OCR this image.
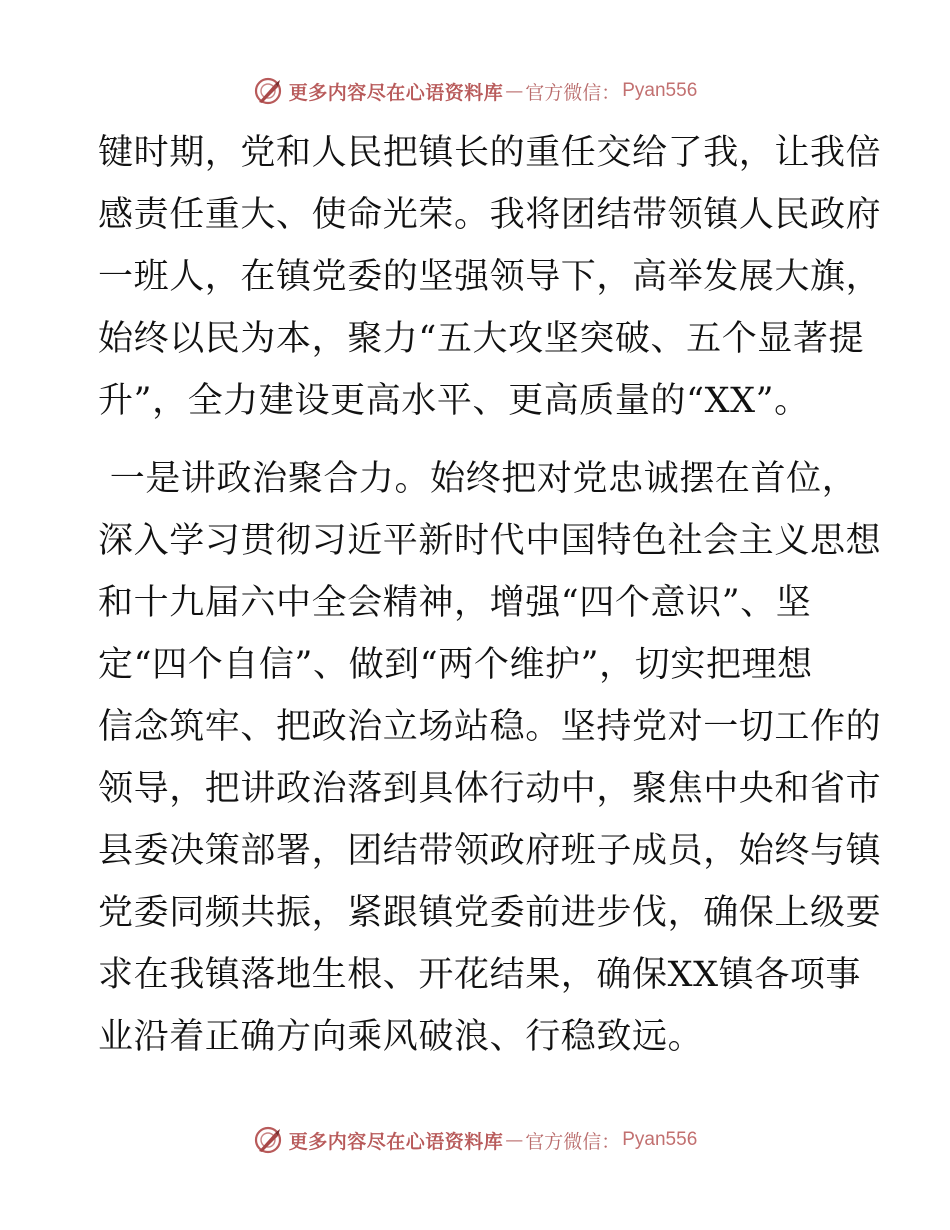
更多内容尽在心语资料库 — 官方微信： Pyan556

键时期，党和人民把镇长的重任交给了我，让我倍

感责任重大、使命光荣。我将团结带领镇人民政府

一班人，在镇党委的坚强领导下，高举发展大旗，

始终以民为本，聚力“五大攻坚突破、五个显著提

升”，全力建设更高水平、更高质量的“XX”。

一是讲政治聚合力。始终把对党忠诚摆在首位，

深入学习贯彻习近平新时代中国特色社会主义思想

和十九届六中全会精神，增强“四个意识”、坚

定“四个自信”、做到“两个维护”，切实把理想

信念筑牢、把政治立场站稳。坚持党对一切工作的

领导，把讲政治落到具体行动中，聚焦中央和省市

县委决策部署，团结带领政府班子成员，始终与镇

党委同频共振，紧跟镇党委前进步伐，确保上级要

求在我镇落地生根、开花结果，确保XX镇各项事

业沿着正确方向乘风破浪、行稳致远。

更多内容尽在心语资料库 — 官方微信： Pyan556
